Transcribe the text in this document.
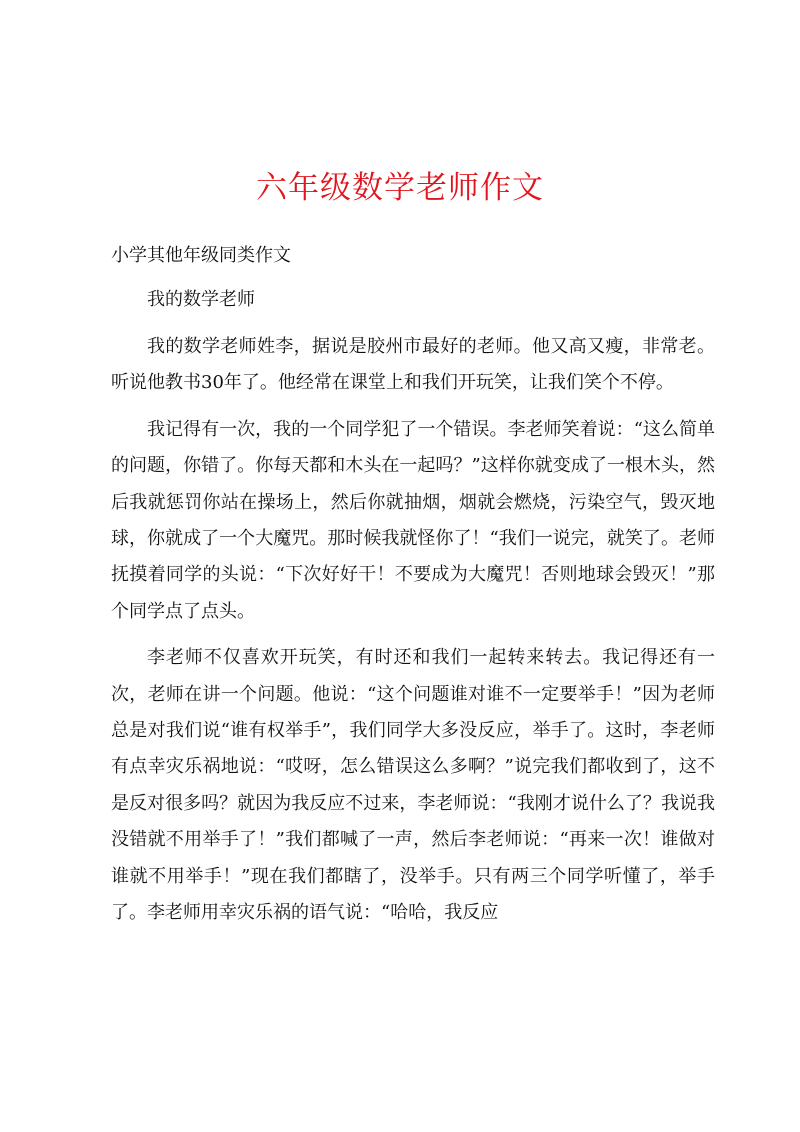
六年级数学老师作文
小学其他年级同类作文
我的数学老师

我的数学老师姓李，据说是胶州市最好的老师。他又高又瘦，非常老。听说他教书30年了。他经常在课堂上和我们开玩笑，让我们笑个不停。

我记得有一次，我的一个同学犯了一个错误。李老师笑着说：“这么简单的问题，你错了。你每天都和木头在一起吗？”这样你就变成了一根木头，然后我就惩罚你站在操场上，然后你就抽烟，烟就会燃烧，污染空气，毁灭地球，你就成了一个大魔咒。那时候我就怪你了！“我们一说完，就笑了。老师抚摸着同学的头说：“下次好好干！不要成为大魔咒！否则地球会毁灭！”那个同学点了点头。

李老师不仅喜欢开玩笑，有时还和我们一起转来转去。我记得还有一次，老师在讲一个问题。他说：“这个问题谁对谁不一定要举手！”因为老师总是对我们说“谁有权举手”，我们同学大多没反应，举手了。这时，李老师有点幸灾乐祸地说：“哎呀，怎么错误这么多啊？”说完我们都收到了，这不是反对很多吗？就因为我反应不过来，李老师说：“我刚才说什么了？我说我没错就不用举手了！”我们都喊了一声，然后李老师说：“再来一次！谁做对谁就不用举手！”现在我们都瞎了，没举手。只有两三个同学听懂了，举手了。李老师用幸灾乐祸的语气说：“哈哈，我反应
